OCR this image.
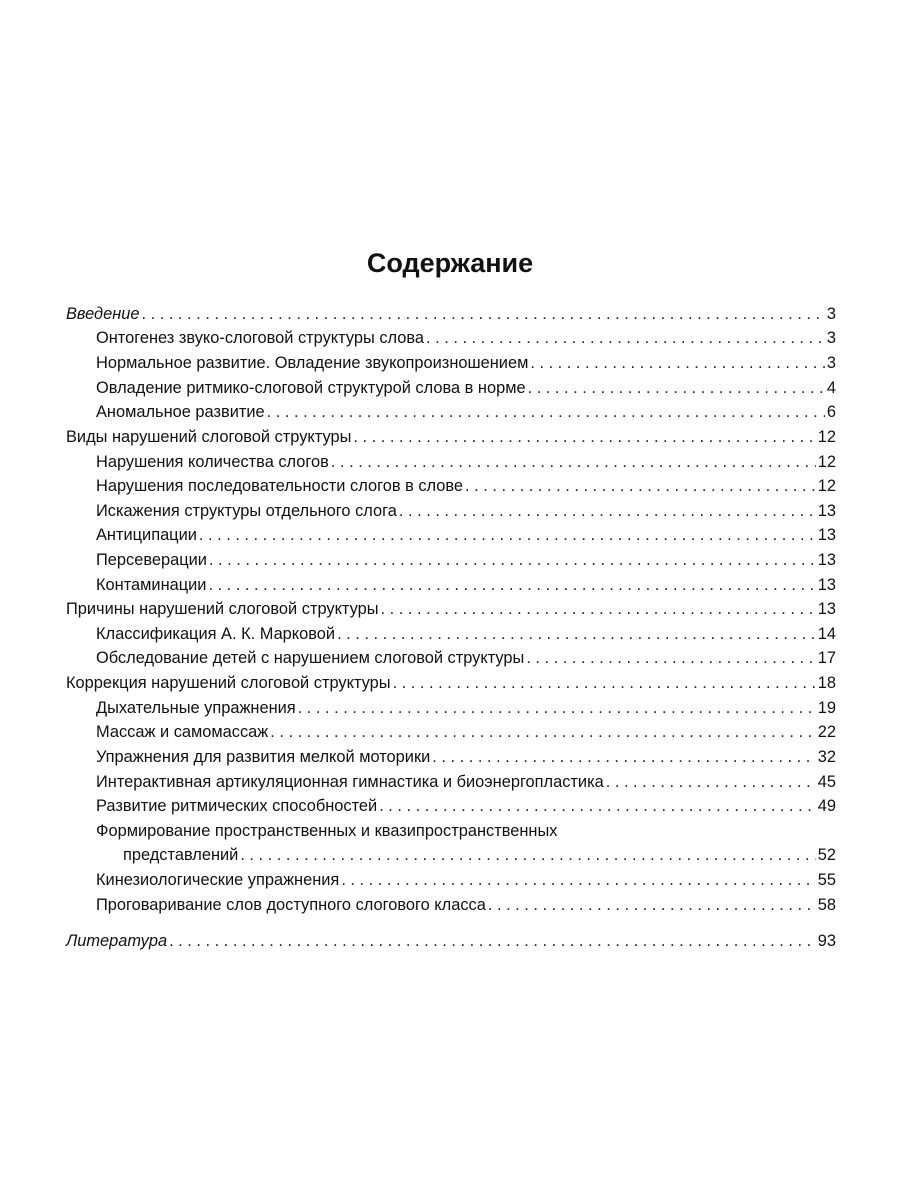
Содержание
Введение . . .	3
Онтогенез звуко-слоговой структуры слова . . .	3
Нормальное развитие. Овладение звукопроизношением . . .	3
Овладение ритмико-слоговой структурой слова в норме . . .	4
Аномальное развитие . . .	6
Виды нарушений слоговой структуры . . .	12
Нарушения количества слогов . . .	12
Нарушения последовательности слогов в слове . . .	12
Искажения структуры отдельного слога . . .	13
Антиципации . . .	13
Персеверации . . .	13
Контаминации . . .	13
Причины нарушений слоговой структуры . . .	13
Классификация А. К. Марковой . . .	14
Обследование детей с нарушением слоговой структуры . . .	17
Коррекция нарушений слоговой структуры . . .	18
Дыхательные упражнения . . .	19
Массаж и самомассаж . . .	22
Упражнения для развития мелкой моторики . . .	32
Интерактивная артикуляционная гимнастика и биоэнергопластика . . .	45
Развитие ритмических способностей . . .	49
Формирование пространственных и квазипространственных
представлений . . .	52
Кинезиологические упражнения . . .	55
Проговаривание слов доступного слогового класса . . .	58
Литература . . .	93
